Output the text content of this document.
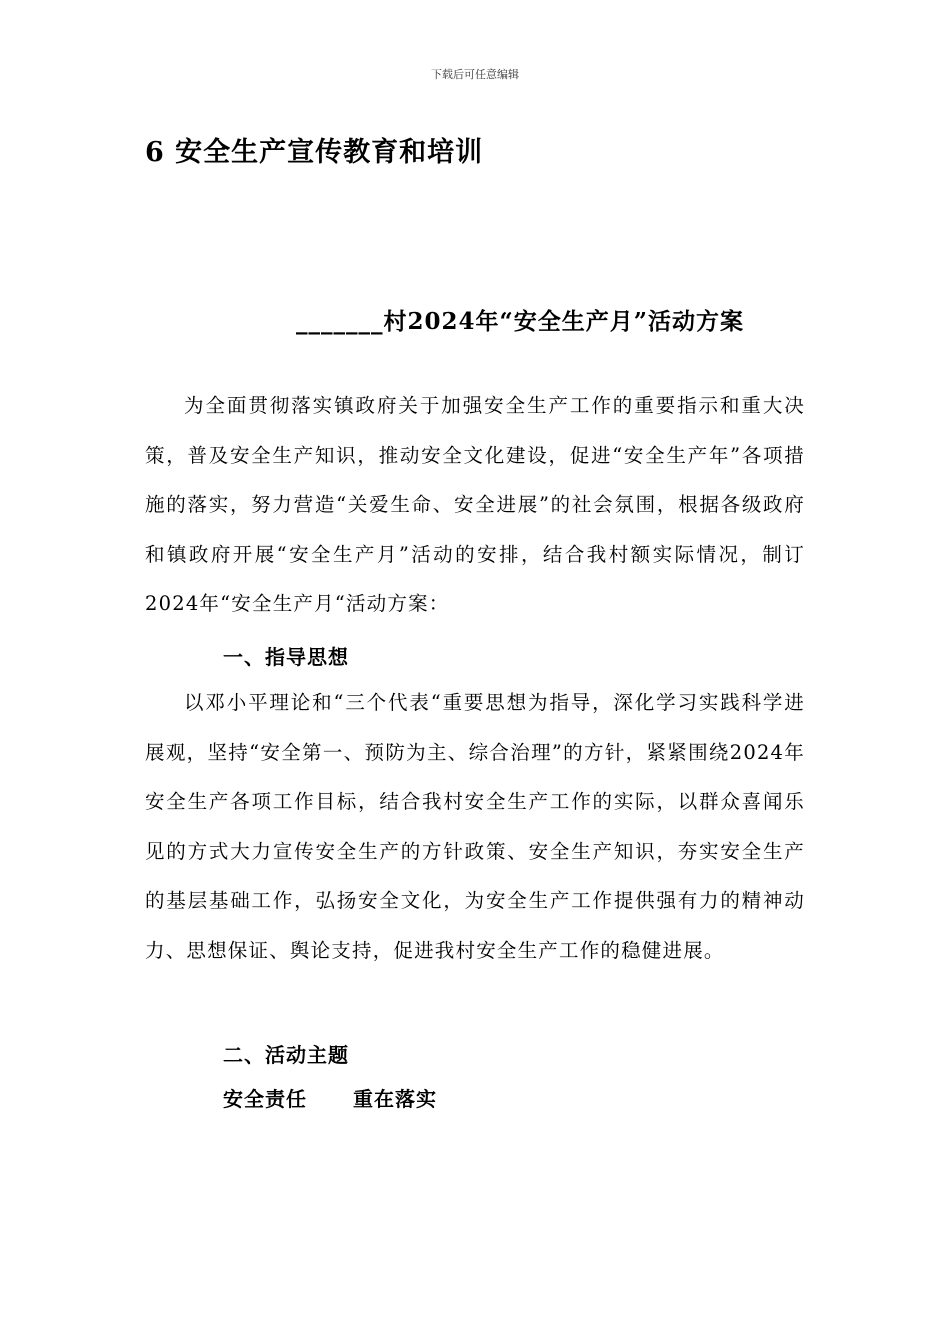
下载后可任意编辑
6 安全生产宣传教育和培训
_______村2024年“安全生产月”活动方案

为全面贯彻落实镇政府关于加强安全生产工作的重要指示和重大决策，普及安全生产知识，推动安全文化建设，促进“安全生产年”各项措施的落实，努力营造“关爱生命、安全进展”的社会氛围，根据各级政府和镇政府开展“安全生产月”活动的安排，结合我村额实际情况，制订2024年“安全生产月“活动方案：

一、指导思想

以邓小平理论和“三个代表“重要思想为指导，深化学习实践科学进展观，坚持“安全第一、预防为主、综合治理”的方针，紧紧围绕2024年安全生产各项工作目标，结合我村安全生产工作的实际，以群众喜闻乐见的方式大力宣传安全生产的方针政策、安全生产知识，夯实安全生产的基层基础工作，弘扬安全文化，为安全生产工作提供强有力的精神动力、思想保证、舆论支持，促进我村安全生产工作的稳健进展。

二、活动主题
安全责任 重在落实
